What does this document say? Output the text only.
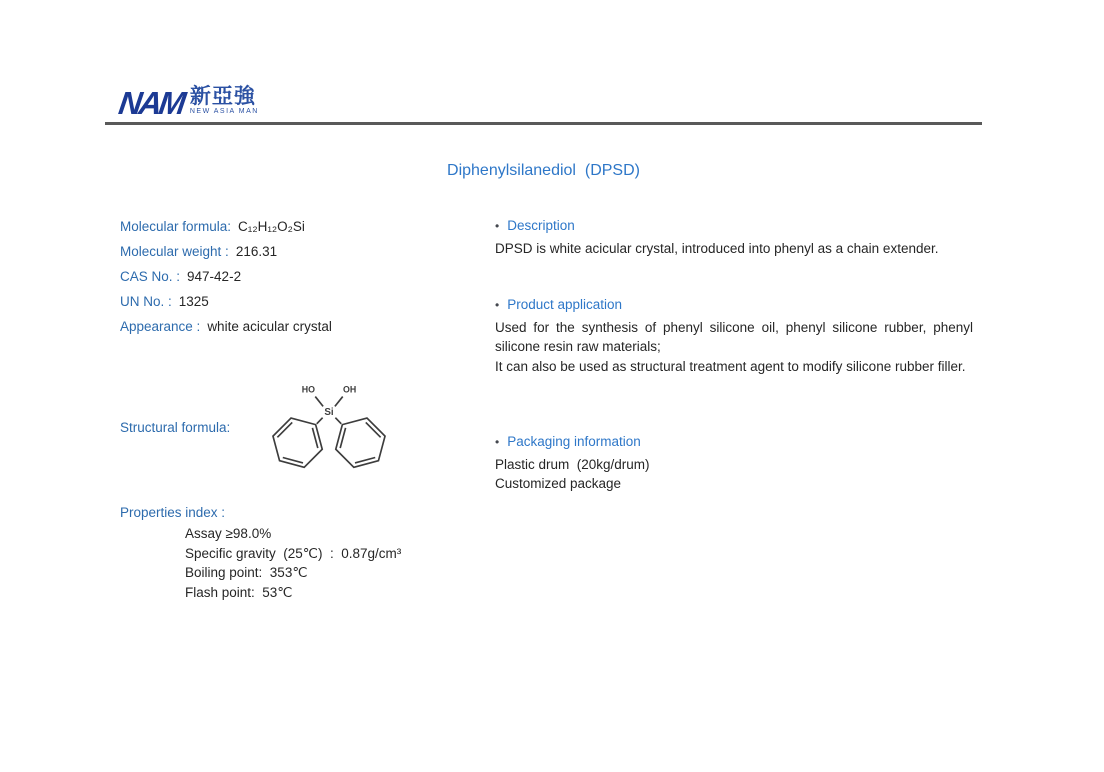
NAM 新亞強
NEW ASIA MAN
Diphenylsilanediol  (DPSD)
Molecular formula: C₁₂H₁₂O₂Si
Molecular weight : 216.31
CAS No. : 947-42-2
UN No. : 1325
Appearance : white acicular crystal
Structural formula:
HO	OH
Si
Properties index :
Assay ≥98.0%
Specific gravity  (25℃)  :  0.87g/cm³
Boiling point:  353℃
Flash point:  53℃
• Description

DPSD is white acicular crystal, introduced into phenyl as a chain extender.

• Product application

Used for the synthesis of phenyl silicone oil, phenyl silicone rubber, phenyl silicone resin raw materials;

It can also be used as structural treatment agent to modify silicone rubber filler.

• Packaging information

Plastic drum  (20kg/drum)

Customized package
